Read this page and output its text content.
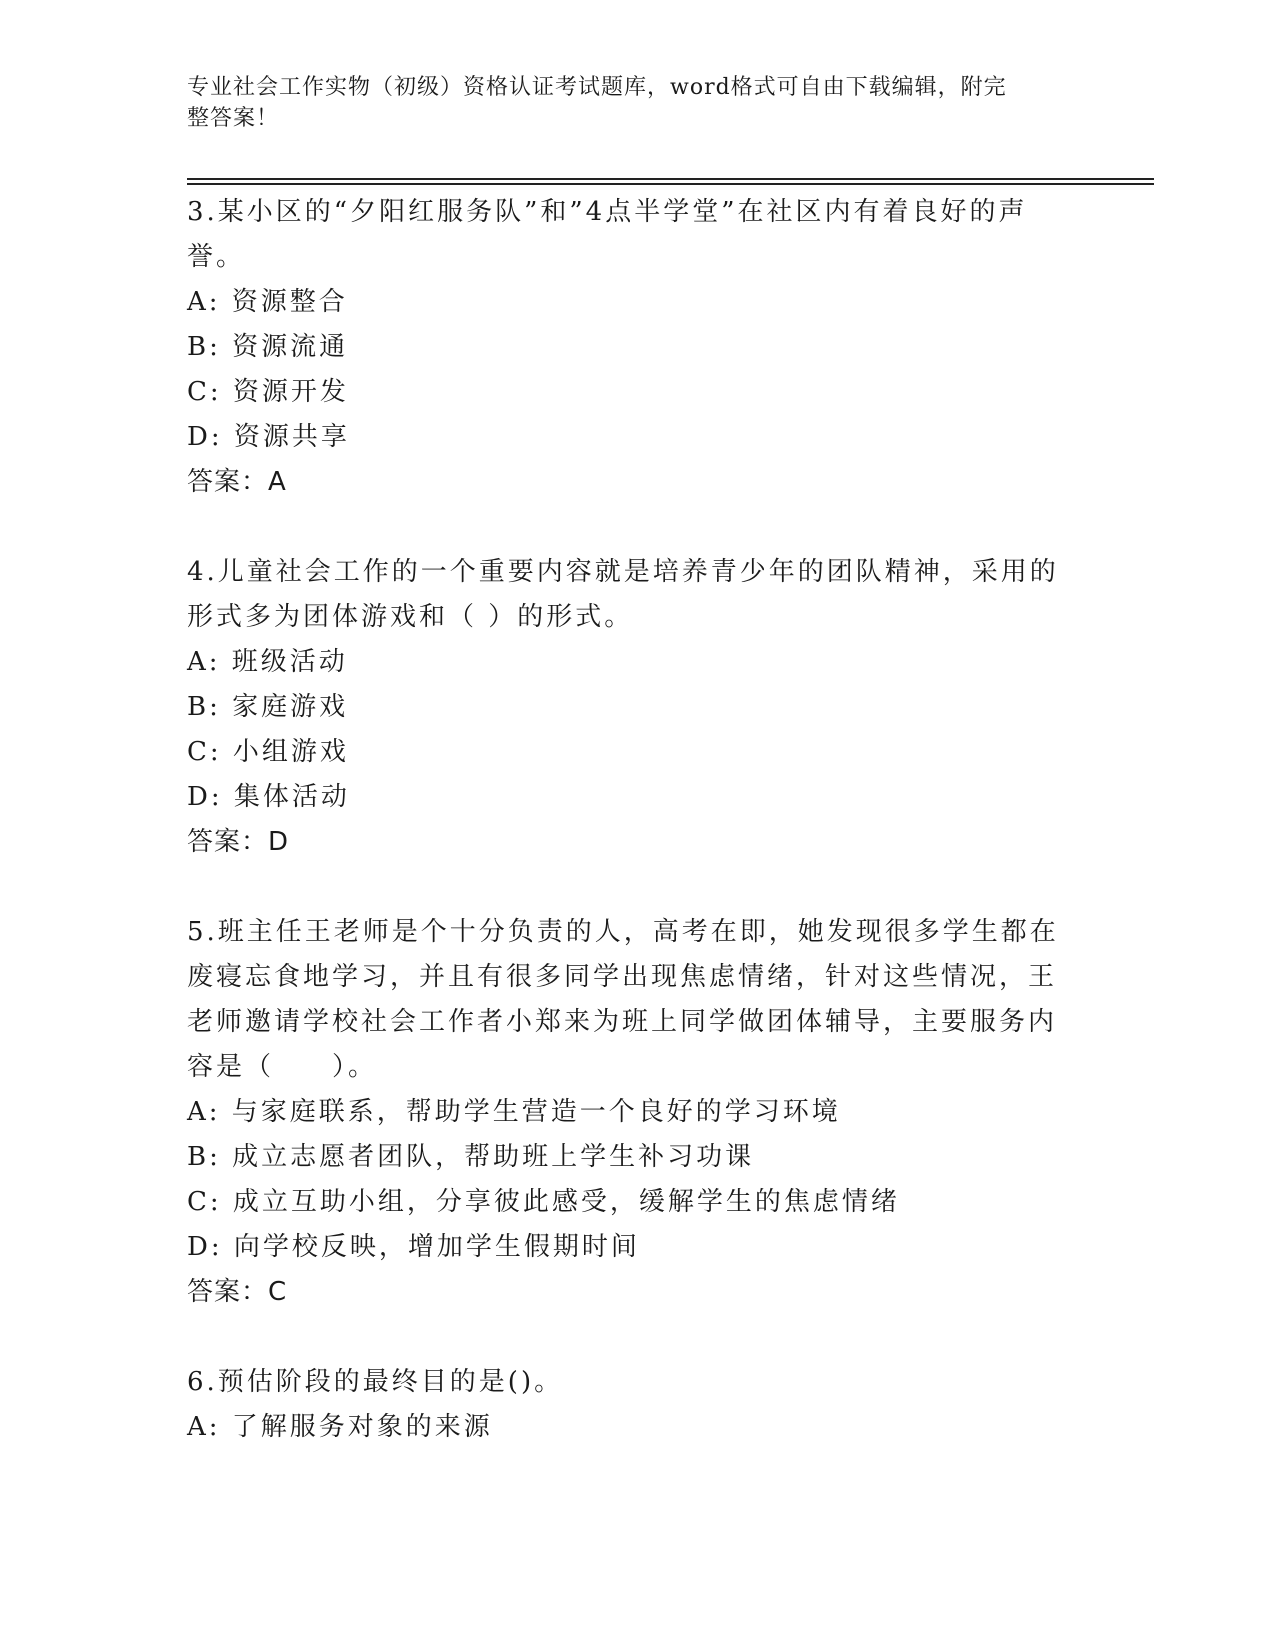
专业社会工作实物（初级）资格认证考试题库，word格式可自由下载编辑，附完
整答案！
3.某小区的“夕阳红服务队”和”4点半学堂”在社区内有着良好的声
誉。
A: 资源整合
B: 资源流通
C: 资源开发
D: 资源共享
答案：A
4.儿童社会工作的一个重要内容就是培养青少年的团队精神，采用的
形式多为团体游戏和（ ）的形式。
A: 班级活动
B: 家庭游戏
C: 小组游戏
D: 集体活动
答案：D
5.班主任王老师是个十分负责的人，高考在即，她发现很多学生都在
废寝忘食地学习，并且有很多同学出现焦虑情绪，针对这些情况，王
老师邀请学校社会工作者小郑来为班上同学做团体辅导，主要服务内
容是（　　）。
A: 与家庭联系，帮助学生营造一个良好的学习环境
B: 成立志愿者团队，帮助班上学生补习功课
C: 成立互助小组，分享彼此感受，缓解学生的焦虑情绪
D: 向学校反映，增加学生假期时间
答案：C
6.预估阶段的最终目的是()。
A: 了解服务对象的来源
